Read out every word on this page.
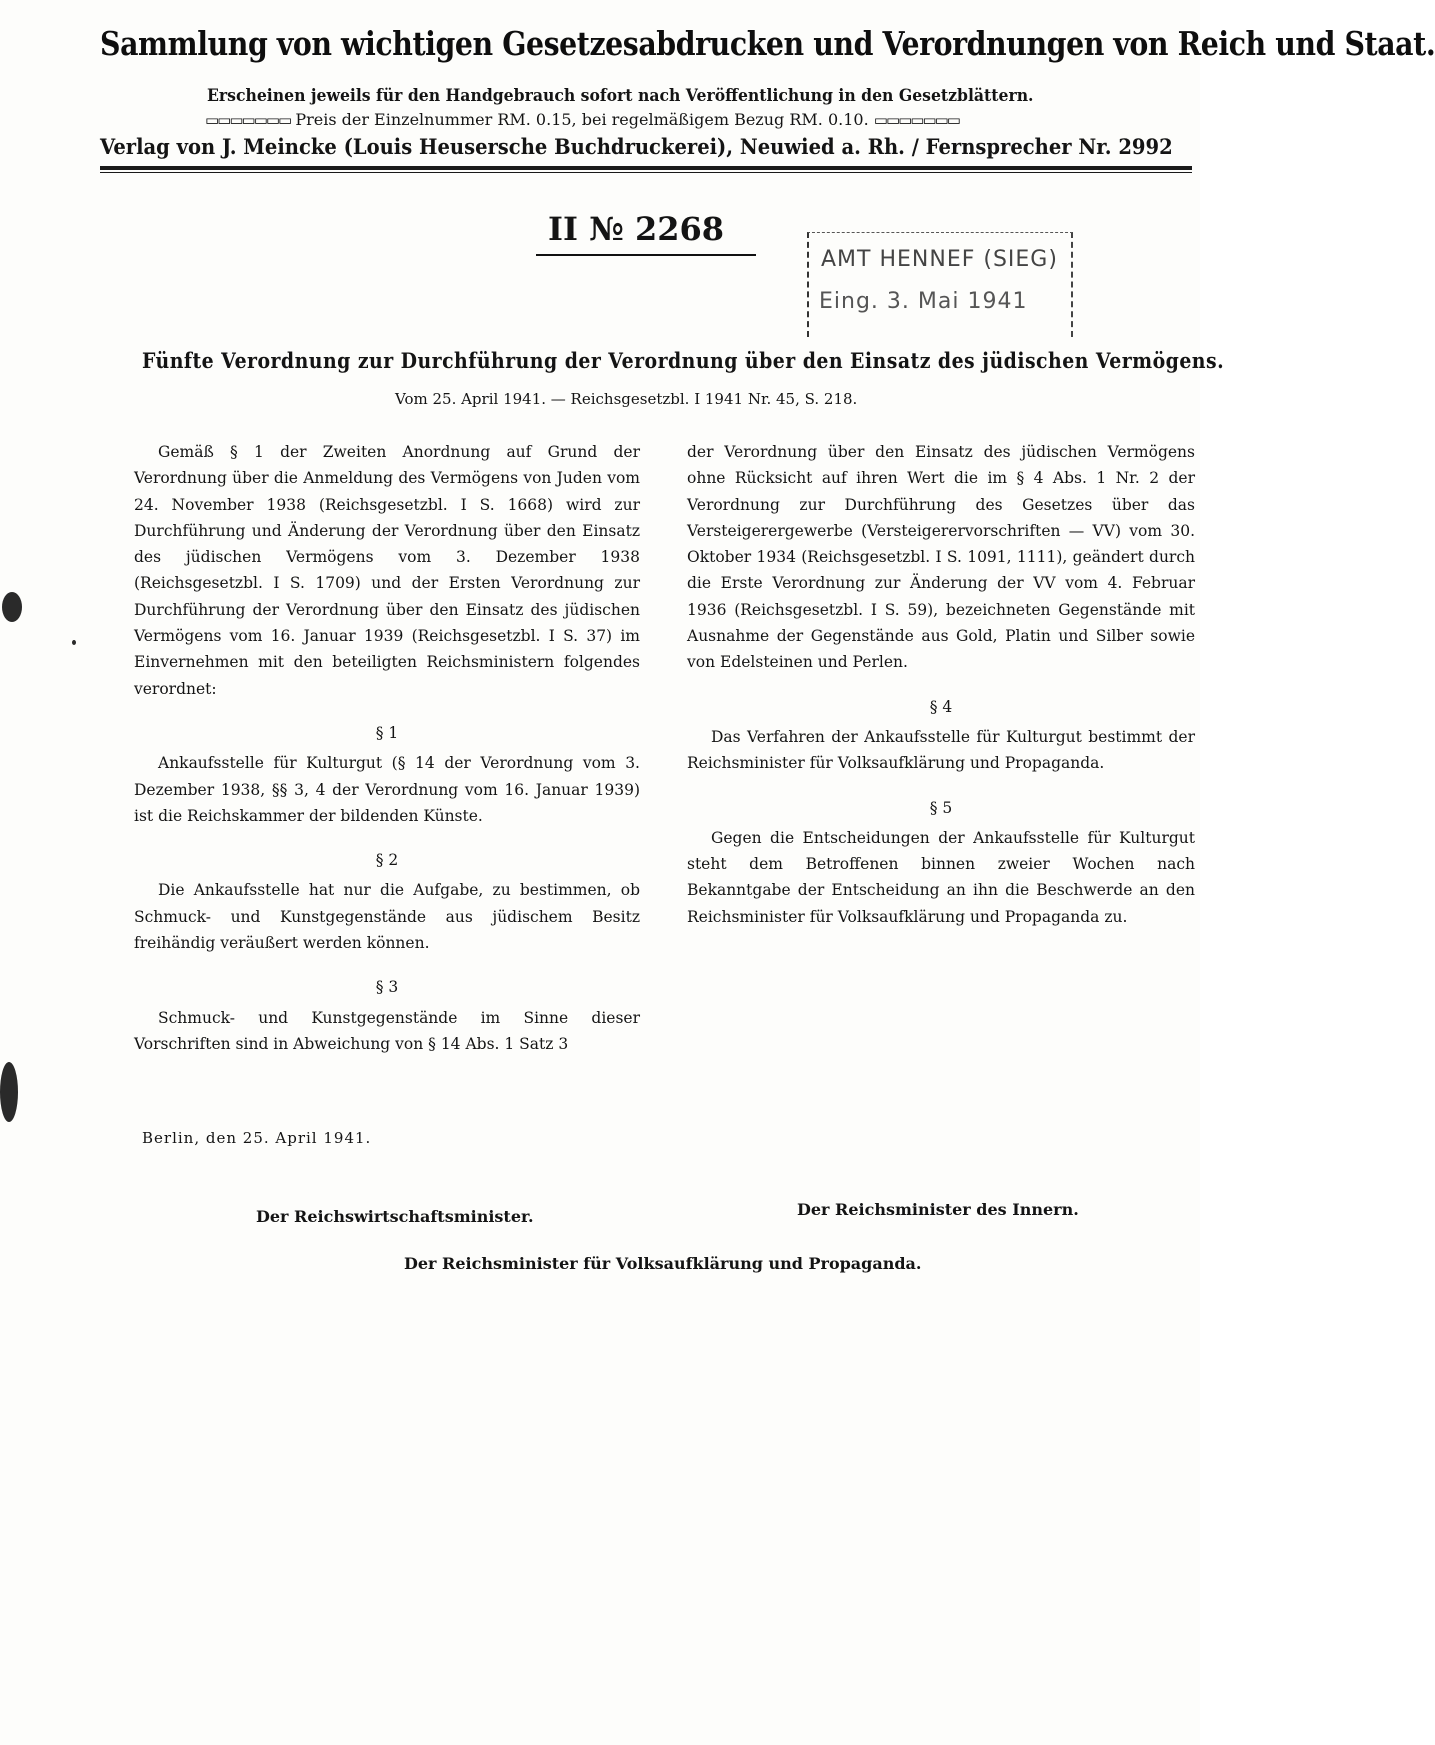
Sammlung von wichtigen Gesetzesabdrucken und Verordnungen von Reich und Staat.
Erscheinen jeweils für den Handgebrauch sofort nach Veröffentlichung in den Gesetzblättern.
▭▭▭▭▭▭▭ Preis der Einzelnummer RM. 0.15, bei regelmäßigem Bezug RM. 0.10. ▭▭▭▭▭▭▭
Verlag von J. Meincke (Louis Heusersche Buchdruckerei), Neuwied a. Rh. / Fernsprecher Nr. 2992
II № 2268
AMT HENNEF (SIEG)
Eing. 3. Mai 1941
Fünfte Verordnung zur Durchführung der Verordnung über den Einsatz des jüdischen Vermögens.
Vom 25. April 1941. — Reichsgesetzbl. I 1941 Nr. 45, S. 218.

Gemäß § 1 der Zweiten Anordnung auf Grund der Verordnung über die Anmeldung des Vermögens von Juden vom 24. November 1938 (Reichsgesetzbl. I S. 1668) wird zur Durchführung und Änderung der Verordnung über den Einsatz des jüdischen Vermögens vom 3. Dezember 1938 (Reichsgesetzbl. I S. 1709) und der Ersten Verordnung zur Durchführung der Verordnung über den Einsatz des jüdischen Vermögens vom 16. Januar 1939 (Reichsgesetzbl. I S. 37) im Einvernehmen mit den beteiligten Reichsministern folgendes verordnet:

§ 1

Ankaufsstelle für Kulturgut (§ 14 der Verordnung vom 3. Dezember 1938, §§ 3, 4 der Verordnung vom 16. Januar 1939) ist die Reichskammer der bildenden Künste.

§ 2

Die Ankaufsstelle hat nur die Aufgabe, zu bestimmen, ob Schmuck- und Kunstgegenstände aus jüdischem Besitz freihändig veräußert werden können.

§ 3

Schmuck- und Kunstgegenstände im Sinne dieser Vorschriften sind in Abweichung von § 14 Abs. 1 Satz 3

der Verordnung über den Einsatz des jüdischen Vermögens ohne Rücksicht auf ihren Wert die im § 4 Abs. 1 Nr. 2 der Verordnung zur Durchführung des Gesetzes über das Versteigerergewerbe (Versteigerervorschriften — VV) vom 30. Oktober 1934 (Reichsgesetzbl. I S. 1091, 1111), geändert durch die Erste Verordnung zur Änderung der VV vom 4. Februar 1936 (Reichsgesetzbl. I S. 59), bezeichneten Gegenstände mit Ausnahme der Gegenstände aus Gold, Platin und Silber sowie von Edelsteinen und Perlen.

§ 4

Das Verfahren der Ankaufsstelle für Kulturgut bestimmt der Reichsminister für Volksaufklärung und Propaganda.

§ 5

Gegen die Entscheidungen der Ankaufsstelle für Kulturgut steht dem Betroffenen binnen zweier Wochen nach Bekanntgabe der Entscheidung an ihn die Beschwerde an den Reichsminister für Volksaufklärung und Propaganda zu.

Berlin, den 25. April 1941.
Der Reichswirtschaftsminister.	Der Reichsminister des Innern.
Der Reichsminister für Volksaufklärung und Propaganda.
